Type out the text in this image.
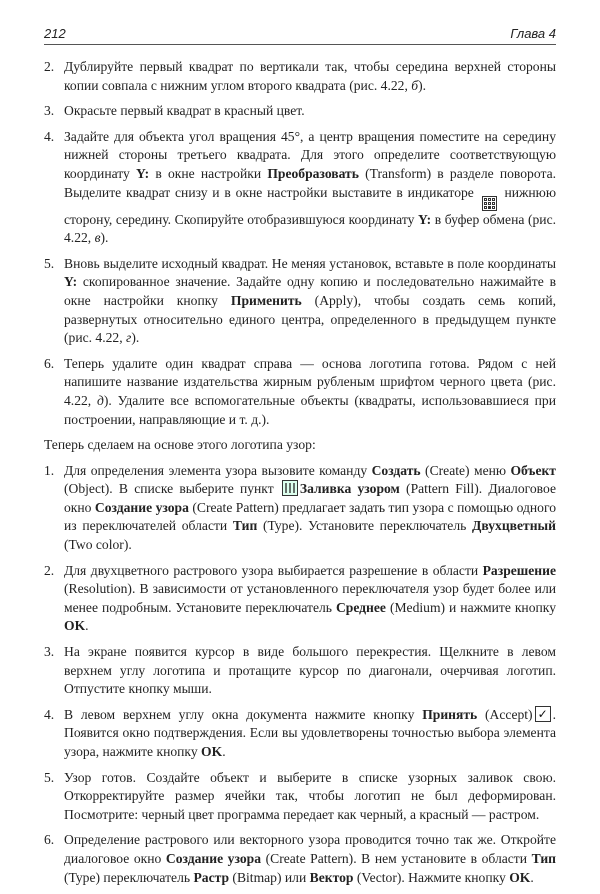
212	Глава 4
2. Дублируйте первый квадрат по вертикали так, чтобы середина верхней стороны копии совпала с нижним углом второго квадрата (рис. 4.22, б).
3. Окрасьте первый квадрат в красный цвет.
4. Задайте для объекта угол вращения 45°, а центр вращения поместите на середину нижней стороны третьего квадрата. Для этого определите соответствующую координату Y: в окне настройки Преобразовать (Transform) в разделе поворота. Выделите квадрат снизу и в окне настройки выставите в индикаторе
нижнюю сторону, середину. Скопируйте отобразившуюся координату Y: в буфер обмена (рис. 4.22, в).
5. Вновь выделите исходный квадрат. Не меняя установок, вставьте в поле координаты Y: скопированное значение. Задайте одну копию и последовательно нажимайте в окне настройки кнопку Применить (Apply), чтобы создать семь копий, развернутых относительно единого центра, определенного в предыдущем пункте (рис. 4.22, г).
6. Теперь удалите один квадрат справа — основа логотипа готова. Рядом с ней напишите название издательства жирным рубленым шрифтом черного цвета (рис. 4.22, д). Удалите все вспомогательные объекты (квадраты, использовавшиеся при построении, направляющие и т. д.).

Теперь сделаем на основе этого логотипа узор:

1. Для определения элемента узора вызовите команду Создать (Create) меню Объект (Object). В списке выберите пункт Заливка узором (Pattern Fill). Диалоговое окно Создание узора (Create Pattern) предлагает задать тип узора с помощью одного из переключателей области Тип (Type). Установите переключатель Двухцветный (Two color).
2. Для двухцветного растрового узора выбирается разрешение в области Разрешение (Resolution). В зависимости от установленного переключателя узор будет более или менее подробным. Установите переключатель Среднее (Medium) и нажмите кнопку OK.
3. На экране появится курсор в виде большого перекрестия. Щелкните в левом верхнем углу логотипа и протащите курсор по диагонали, очерчивая логотип. Отпустите кнопку мыши.
4. В левом верхнем углу окна документа нажмите кнопку Принять (Accept)✓ . Появится окно подтверждения. Если вы удовлетворены точностью выбора элемента узора, нажмите кнопку OK.
5. Узор готов. Создайте объект и выберите в списке узорных заливок свою. Откорректируйте размер ячейки так, чтобы логотип не был деформирован. Посмотрите: черный цвет программа передает как черный, а красный — растром.
6. Определение растрового или векторного узора проводится точно так же. Откройте диалоговое окно Создание узора (Create Pattern). В нем установите в области Тип (Type) переключатель Растр (Bitmap) или Вектор (Vector). Нажмите кнопку OK.
